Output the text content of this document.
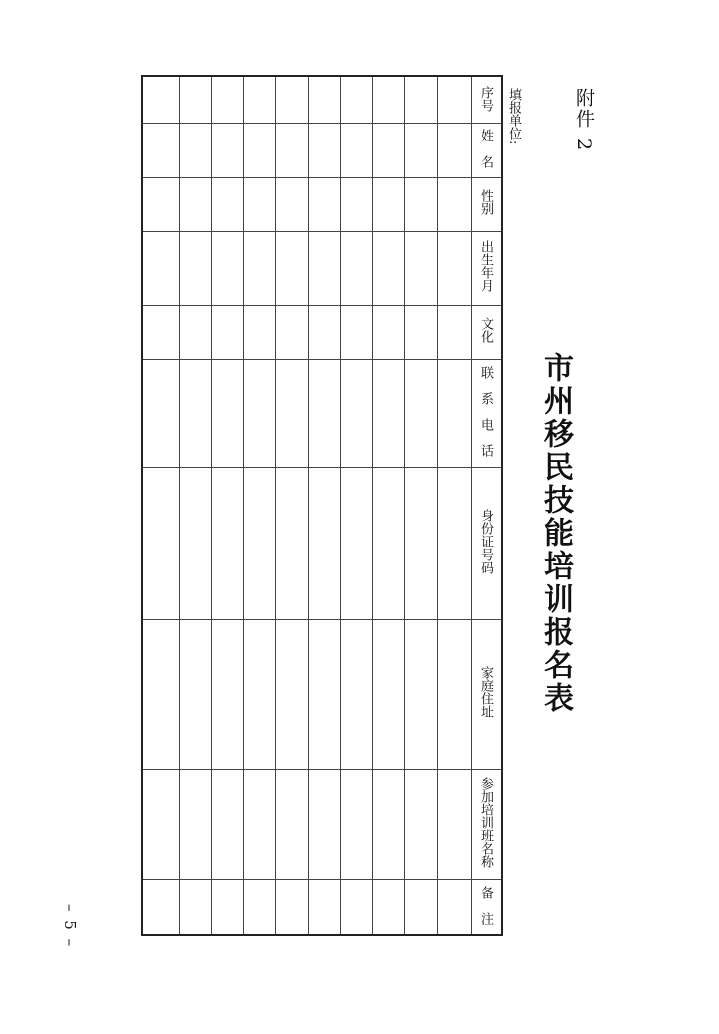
附件 2
市州移民技能培训报名表
填报单位:
– 5 –
序号
姓　名
性别
出生年月
文化
联　系　电　话
身份证号码
家庭住址
参加培训班名称
备　注
